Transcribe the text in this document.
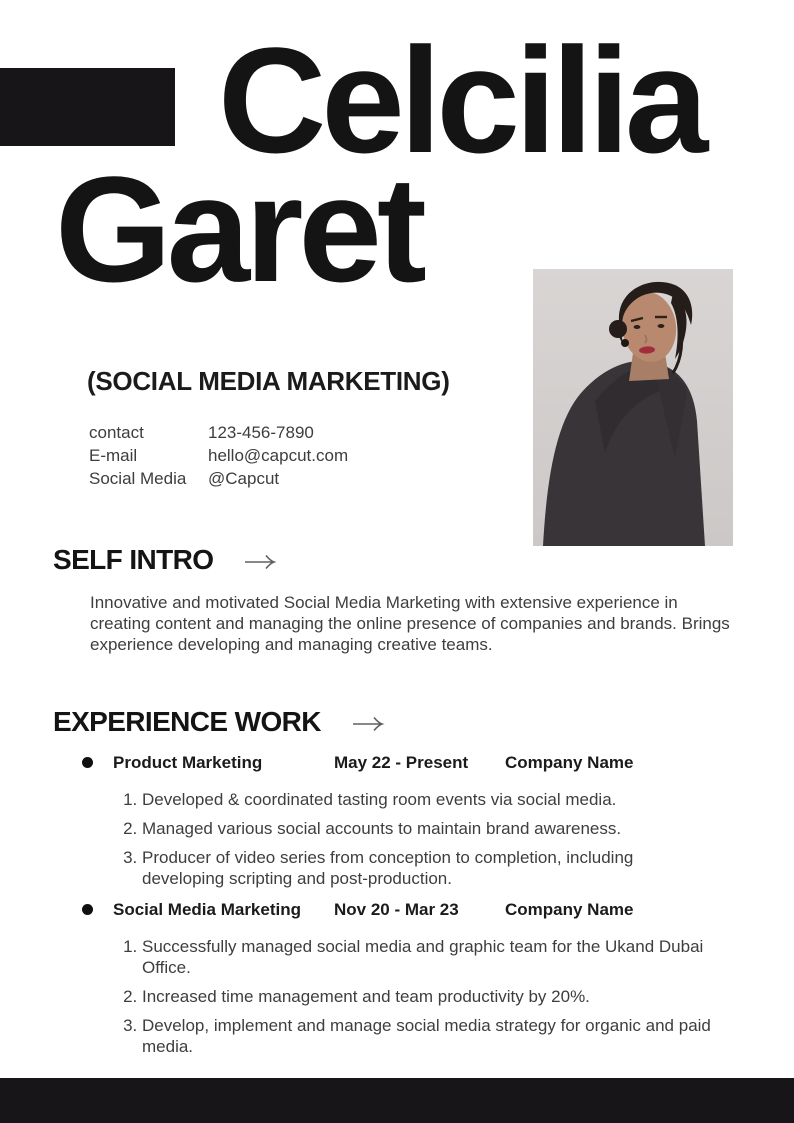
Celcilia
Garet
(SOCIAL MEDIA MARKETING)
contact	123-456-7890
E-mail	hello@capcut.com
Social Media	@Capcut
SELF INTRO

Innovative and motivated Social Media Marketing with extensive experience in creating content and managing the online presence of companies and brands. Brings experience developing and managing creative teams.

EXPERIENCE WORK
Product Marketing	May 22 - Present Company Name
1. Developed & coordinated tasting room events via social media.
2. Managed various social accounts to maintain brand awareness.
3. Producer of video series from conception to completion, including developing scripting and post-production.
Social Media Marketing Nov 20 - Mar 23	Company Name
1. Successfully managed social media and graphic team for the Ukand Dubai Office.
2. Increased time management and team productivity by 20%.
3. Develop, implement and manage social media strategy for organic and paid media.
